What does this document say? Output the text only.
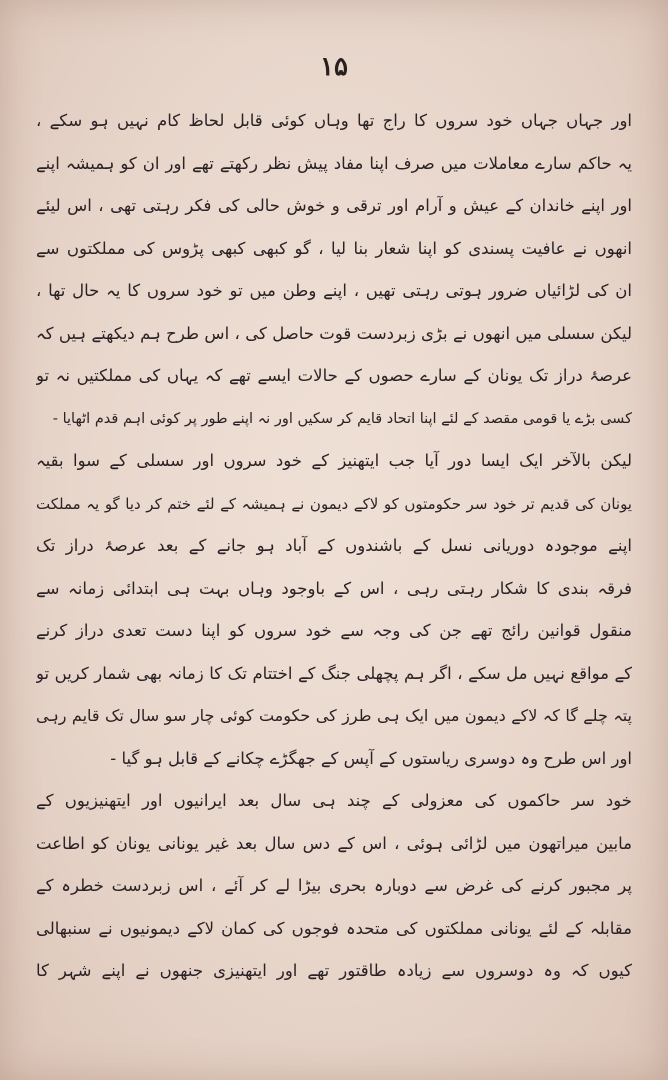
۱۵
اور جہاں جہاں خود سروں کا راج تھا وہاں کوئی قابل لحاظ کام نہیں ہو سکے ،
یہ حاکم سارے معاملات میں صرف اپنا مفاد پیش نظر رکھتے تھے اور ان کو ہمیشہ اپنے
اور اپنے خاندان کے عیش و آرام اور ترقی و خوش حالی کی فکر رہتی تھی ، اس لیئے
انھوں نے عافیت پسندی کو اپنا شعار بنا لیا ، گو کبھی کبھی پڑوس کی مملکتوں سے
ان کی لڑائیاں ضرور ہوتی رہتی تھیں ، اپنے وطن میں تو خود سروں کا یہ حال تھا ،
لیکن سسلی میں انھوں نے بڑی زبردست قوت حاصل کی ، اس طرح ہم دیکھتے ہیں کہ
عرصۂ دراز تک یونان کے سارے حصوں کے حالات ایسے تھے کہ یہاں کی مملکتیں نہ تو
کسی بڑے یا قومی مقصد کے لئے اپنا اتحاد قایم کر سکیں اور نہ اپنے طور پر کوئی اہم قدم اٹھایا -
لیکن بالآخر ایک ایسا دور آیا جب ایتھنیز کے خود سروں اور سسلی کے سوا بقیہ
یونان کی قدیم تر خود سر حکومتوں کو لاکے دیمون نے ہمیشہ کے لئے ختم کر دیا گو یہ مملکت
اپنے موجودہ دوریانی نسل کے باشندوں کے آباد ہو جانے کے بعد عرصۂ دراز تک
فرقہ بندی کا شکار رہتی رہی ، اس کے باوجود وہاں بہت ہی ابتدائی زمانہ سے
منقول قوانین رائج تھے جن کی وجہ سے خود سروں کو اپنا دست تعدی دراز کرنے
کے مواقع نہیں مل سکے ، اگر ہم پچھلی جنگ کے اختتام تک کا زمانہ بھی شمار کریں تو
پتہ چلے گا کہ لاکے دیمون میں ایک ہی طرز کی حکومت کوئی چار سو سال تک قایم رہی
اور اس طرح وہ دوسری ریاستوں کے آپس کے جھگڑے چکانے کے قابل ہو گیا -
خود سر حاکموں کی معزولی کے چند ہی سال بعد ایرانیوں اور ایتھنیزیوں کے
مابین میراتھون میں لڑائی ہوئی ، اس کے دس سال بعد غیر یونانی یونان کو اطاعت
پر مجبور کرنے کی غرض سے دوبارہ بحری بیڑا لے کر آئے ، اس زبردست خطرہ کے
مقابلہ کے لئے یونانی مملکتوں کی متحدہ فوجوں کی کمان لاکے دیمونیوں نے سنبھالی
کیوں کہ وہ دوسروں سے زیادہ طاقتور تھے اور ایتھنیزی جنھوں نے اپنے شہر کا
